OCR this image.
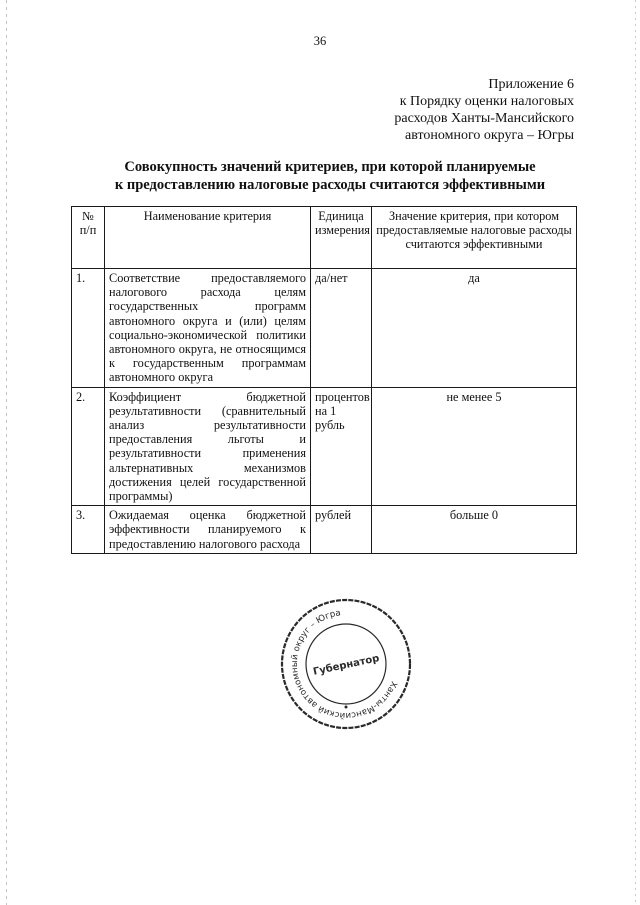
36
Приложение 6
к Порядку оценки налоговых
расходов Ханты-Мансийского
автономного округа – Югры
Совокупность значений критериев, при которой планируемые
к предоставлению налоговые расходы считаются эффективными
№ п/п	Наименование критерия	Единица измерения	Значение критерия, при котором предоставляемые налоговые расходы считаются эффективными
1.	Соответствие предоставляемого налогового расхода целям государственных программ автономного округа и (или) целям социально-экономической политики автономного округа, не относящимся к государственным программам автономного округа	да/нет	да
2.	Коэффициент бюджетной результативности (сравнительный анализ результативности предоставления льготы и результативности применения альтернативных механизмов достижения целей государственной программы)	процентов на 1 рубль	не менее 5
3.	Ожидаемая оценка бюджетной эффективности планируемого к предоставлению налогового расхода	рублей	больше 0
Ханты-Мансийский автономный округ – Югра
Губернатор
